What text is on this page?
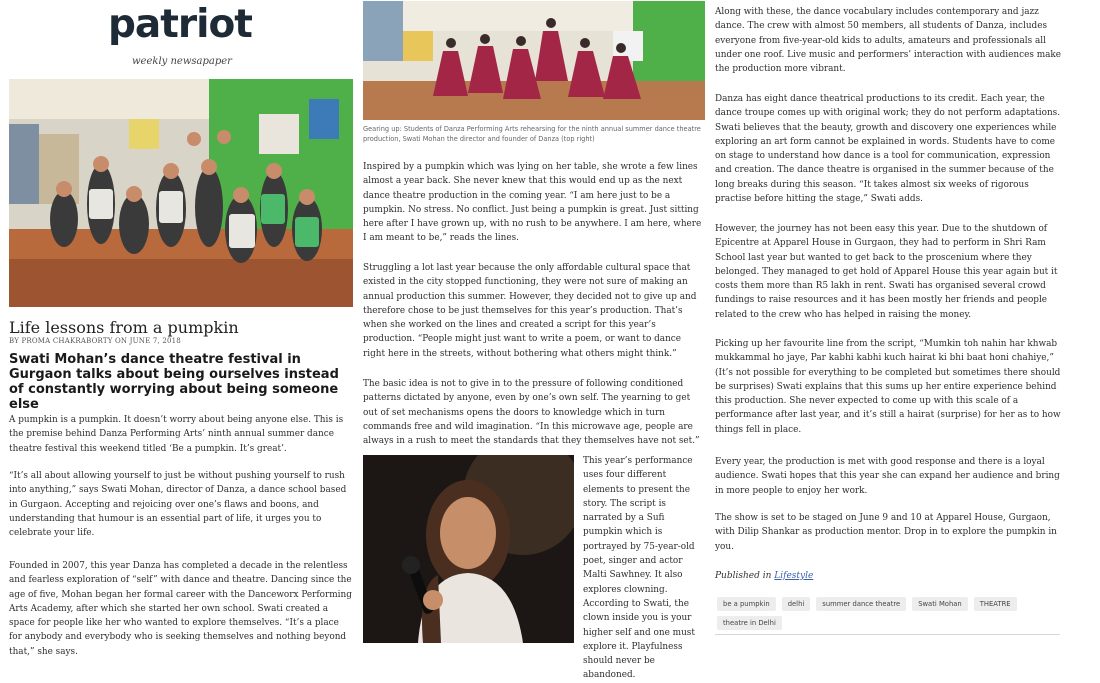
patriot
weekly newsapaper
Life lessons from a pumpkin
BY PROMA CHAKRABORTY ON JUNE 7, 2018
Swati Mohan’s dance theatre festival in Gurgaon talks about being ourselves instead of constantly worrying about being someone else

A pumpkin is a pumpkin. It doesn’t worry about being anyone else. This is the premise behind Danza Performing Arts’ ninth annual summer dance theatre festival this weekend titled ‘Be a pumpkin. It’s great’.

“It’s all about allowing yourself to just be without pushing yourself to rush into anything,” says Swati Mohan, director of Danza, a dance school based in Gurgaon. Accepting and rejoicing over one’s flaws and boons, and understanding that humour is an essential part of life, it urges you to celebrate your life.

Founded in 2007, this year Danza has completed a decade in the relentless and fearless exploration of “self” with dance and theatre. Dancing since the age of five, Mohan began her formal career with the Danceworx Performing Arts Academy, after which she started her own school. Swati created a space for people like her who wanted to explore themselves. “It’s a place for anybody and everybody who is seeking themselves and nothing beyond that,” she says.

Gearing up: Students of Danza Performing Arts rehearsing for the ninth annual summer dance theatre production, Swati Mohan the director and founder of Danza (top right)

Inspired by a pumpkin which was lying on her table, she wrote a few lines almost a year back. She never knew that this would end up as the next dance theatre production in the coming year. “I am here just to be a pumpkin. No stress. No conflict. Just being a pumpkin is great. Just sitting here after I have grown up, with no rush to be anywhere. I am here, where I am meant to be,” reads the lines.

Struggling a lot last year because the only affordable cultural space that existed in the city stopped functioning, they were not sure of making an annual production this summer. However, they decided not to give up and therefore chose to be just themselves for this year’s production. That’s when she worked on the lines and created a script for this year’s production. “People might just want to write a poem, or want to dance right here in the streets, without bothering what others might think.”

The basic idea is not to give in to the pressure of following conditioned patterns dictated by anyone, even by one’s own self. The yearning to get out of set mechanisms opens the doors to knowledge which in turn commands free and wild imagination. “In this microwave age, people are always in a rush to meet the standards that they themselves have not set.”

This year’s performance uses four different elements to present the story. The script is narrated by a Sufi pumpkin which is portrayed by 75-year-old poet, singer and actor Malti Sawhney. It also explores clowning. According to Swati, the clown inside you is your higher self and one must explore it. Playfulness should never be abandoned.

Along with these, the dance vocabulary includes contemporary and jazz dance. The crew with almost 50 members, all students of Danza, includes everyone from five-year-old kids to adults, amateurs and professionals all under one roof. Live music and performers’ interaction with audiences make the production more vibrant.

Danza has eight dance theatrical productions to its credit. Each year, the dance troupe comes up with original work; they do not perform adaptations. Swati believes that the beauty, growth and discovery one experiences while exploring an art form cannot be explained in words. Students have to come on stage to understand how dance is a tool for communication, expression and creation. The dance theatre is organised in the summer because of the long breaks during this season. “It takes almost six weeks of rigorous practise before hitting the stage,” Swati adds.

However, the journey has not been easy this year. Due to the shutdown of Epicentre at Apparel House in Gurgaon, they had to perform in Shri Ram School last year but wanted to get back to the proscenium where they belonged. They managed to get hold of Apparel House this year again but it costs them more than R5 lakh in rent. Swati has organised several crowd fundings to raise resources and it has been mostly her friends and people related to the crew who has helped in raising the money.

Picking up her favourite line from the script, “Mumkin toh nahin har khwab mukkammal ho jaye, Par kabhi kabhi kuch hairat ki bhi baat honi chahiye,” (It’s not possible for everything to be completed but sometimes there should be surprises) Swati explains that this sums up her entire experience behind this production. She never expected to come up with this scale of a performance after last year, and it’s still a hairat (surprise) for her as to how things fell in place.

Every year, the production is met with good response and there is a loyal audience. Swati hopes that this year she can expand her audience and bring in more people to enjoy her work.

The show is set to be staged on June 9 and 10 at Apparel House, Gurgaon, with Dilip Shankar as production mentor. Drop in to explore the pumpkin in you.

Published in Lifestyle
be a pumpkin	delhi	summer dance theatre	Swati Mohan	THEATRE
theatre in Delhi
